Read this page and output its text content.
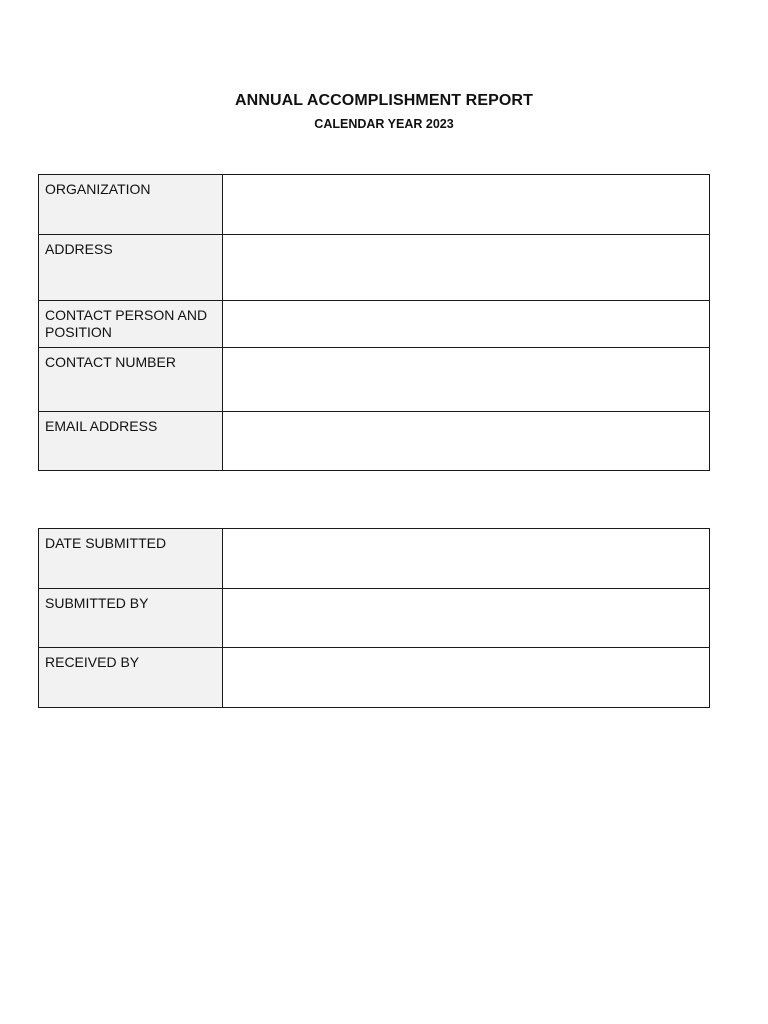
ANNUAL ACCOMPLISHMENT REPORT
CALENDAR YEAR 2023
ORGANIZATION	
ADDRESS	
CONTACT PERSON AND POSITION	
CONTACT NUMBER	
EMAIL ADDRESS	
DATE SUBMITTED	
SUBMITTED BY	
RECEIVED BY	
